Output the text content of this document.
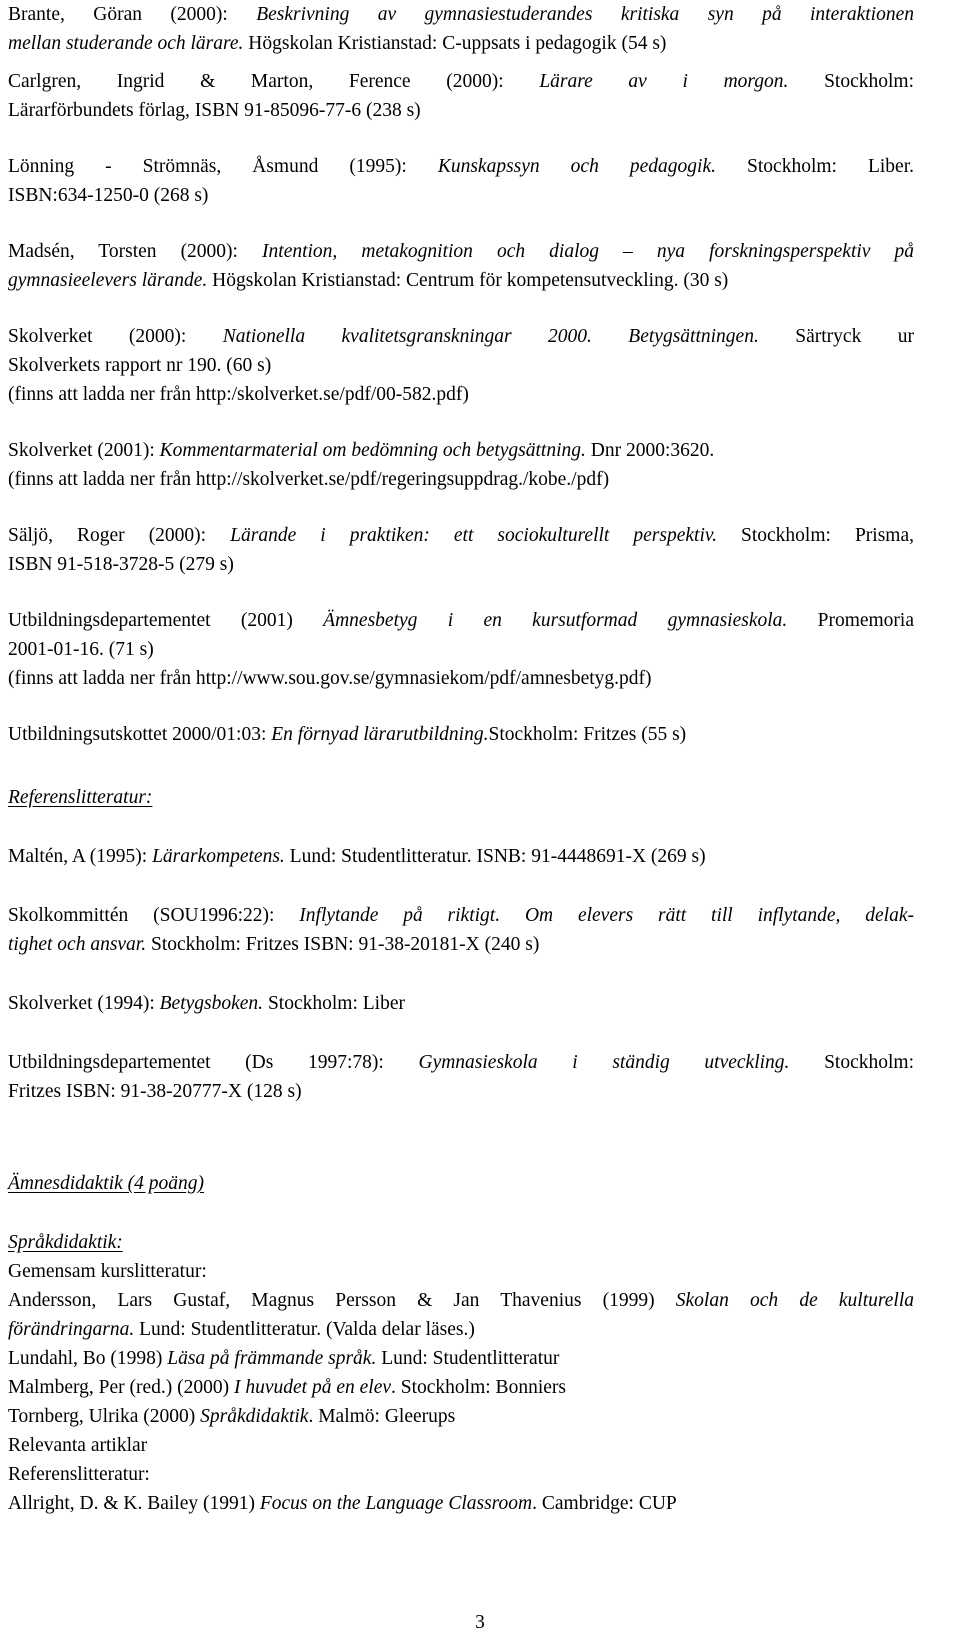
Brante, Göran (2000): Beskrivning av gymnasiestuderandes kritiska syn på interaktionen
mellan studerande och lärare. Högskolan Kristianstad: C-uppsats i pedagogik (54 s)
Carlgren, Ingrid & Marton, Ference (2000): Lärare av i morgon. Stockholm:
Lärarförbundets förlag, ISBN 91-85096-77-6 (238 s)
Lönning - Strömnäs, Åsmund (1995): Kunskapssyn och pedagogik. Stockholm: Liber.
ISBN:634-1250-0 (268 s)
Madsén, Torsten (2000): Intention, metakognition och dialog – nya forskningsperspektiv på
gymnasieelevers lärande. Högskolan Kristianstad: Centrum för kompetensutveckling. (30 s)
Skolverket (2000): Nationella kvalitetsgranskningar 2000. Betygsättningen. Särtryck ur
Skolverkets rapport nr 190. (60 s)
(finns att ladda ner från http:/skolverket.se/pdf/00-582.pdf)
Skolverket (2001): Kommentarmaterial om bedömning och betygsättning. Dnr 2000:3620.
(finns att ladda ner från http://skolverket.se/pdf/regeringsuppdrag./kobe./pdf)
Säljö, Roger (2000): Lärande i praktiken: ett sociokulturellt perspektiv. Stockholm: Prisma,
ISBN 91-518-3728-5 (279 s)
Utbildningsdepartementet (2001) Ämnesbetyg i en kursutformad gymnasieskola. Promemoria
2001-01-16. (71 s)
(finns att ladda ner från http://www.sou.gov.se/gymnasiekom/pdf/amnesbetyg.pdf)
Utbildningsutskottet 2000/01:03: En förnyad lärarutbildning.Stockholm: Fritzes (55 s)
Referenslitteratur:
Maltén, A (1995): Lärarkompetens. Lund: Studentlitteratur. ISNB: 91-4448691-X (269 s)
Skolkommittén (SOU1996:22): Inflytande på riktigt. Om elevers rätt till inflytande, delak-
tighet och ansvar. Stockholm: Fritzes ISBN: 91-38-20181-X (240 s)
Skolverket (1994): Betygsboken. Stockholm: Liber
Utbildningsdepartementet (Ds 1997:78): Gymnasieskola i ständig utveckling. Stockholm:
Fritzes ISBN: 91-38-20777-X (128 s)
Ämnesdidaktik (4 poäng)
Språkdidaktik:
Gemensam kurslitteratur:
Andersson, Lars Gustaf, Magnus Persson & Jan Thavenius (1999) Skolan och de kulturella
förändringarna. Lund: Studentlitteratur. (Valda delar läses.)
Lundahl, Bo (1998) Läsa på främmande språk. Lund: Studentlitteratur
Malmberg, Per (red.) (2000) I huvudet på en elev. Stockholm: Bonniers
Tornberg, Ulrika (2000) Språkdidaktik. Malmö: Gleerups
Relevanta artiklar
Referenslitteratur:
Allright, D. & K. Bailey (1991) Focus on the Language Classroom. Cambridge: CUP
3
